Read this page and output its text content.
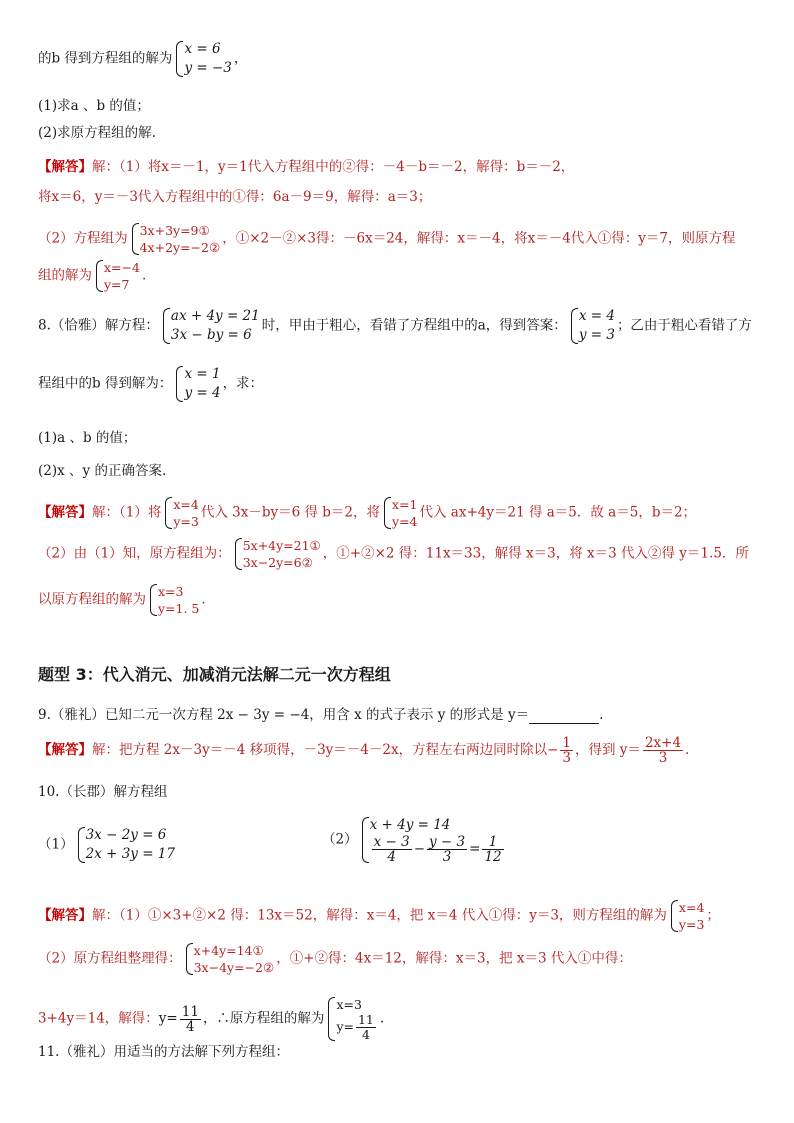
的b 得到方程组的解为
x = 6
y = −3
，
(1)求a 、b 的值；
(2)求原方程组的解.
【解答】解：（1）将x＝－1，y＝1代入方程组中的②得：－4－b＝－2，解得：b＝－2，
将x＝6，y＝－3代入方程组中的①得：6a－9＝9，解得：a＝3；
（2）方程组为 3x+3y=9①
4x+2y=−2②
，①×2－②×3得：－6x＝24，解得：x＝－4，将x＝－4代入①得：y＝7，则原方程
组的解为 x=−4
y=7
.
8.（恰雅）解方程：
ax + 4y = 21
3x − by = 6
时，甲由于粗心，看错了方程组中的a，得到答案：
x = 4
y = 3
；乙由于粗心看错了方
程组中的b 得到解为：
x = 1
y = 4
，求：
(1)a 、b 的值；
(2)x 、y 的正确答案.
【解答】解：（1）将 x=4
y=3
代入 3x－by＝6 得 b＝2，将 x=1
y=4
代入 ax+4y＝21 得 a＝5．故 a＝5，b＝2；
（2）由（1）知，原方程组为： 5x+4y=21①
3x−2y=6②
，①+②×2 得：11x＝33，解得 x＝3，将 x＝3 代入②得 y＝1.5．所
以原方程组的解为 x=3
y=1. 5
.
题型 3：代入消元、加减消元法解二元一次方程组
9.（雅礼）已知二元一次方程 2x − 3y = −4，用含 x 的式子表示 y 的形式是 y＝	.
【解答】解：把方程 2x－3y＝－4 移项得，－3y＝－4－2x，方程左右两边同时除以− $\frac{1}{3}$ ，得到 $y= \frac{2x+4}{3}$ .
10.（长郡）解方程组
（1）
3x − 2y = 6
2x + 3y = 17
（2）
x + 4y = 14
$\frac{x - 3}{4} - \frac{y - 3}{3} = \frac{1}{12}$
【解答】解：（1）①×3+②×2 得：13x＝52，解得：x＝4，把 x＝4 代入①得：y＝3，则方程组的解为 x=4
y=3
；
（2）原方程组整理得： x+4y=14①
3x−4y=−2②
，①+②得：4x＝12，解得：x＝3，把 x＝3 代入①中得：
3+4y＝14，解得：$y= \frac{11}{4}$ ，∴原方程组的解为
x=3
$y= \frac{11}{4}$ .
11.（雅礼）用适当的方法解下列方程组：
